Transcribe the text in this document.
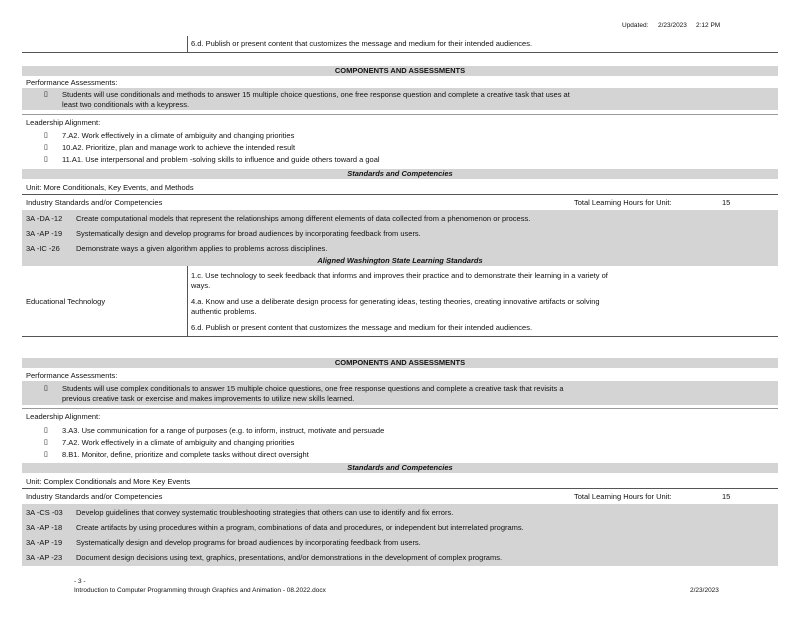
Updated: 2/23/2023 2:12 PM
6.d. Publish or present content that customizes the message and medium for their intended audiences.
COMPONENTS AND ASSESSMENTS
Performance Assessments:
▯ Students will use conditionals and methods to answer 15 multiple choice questions, one free response question and complete a creative task that uses at
least two conditionals with a keypress.
Leadership Alignment:
▯ 7.A2. Work effectively in a climate of ambiguity and changing priorities
▯ 10.A2. Prioritize, plan and manage work to achieve the intended result
▯ 11.A1. Use interpersonal and problem -solving skills to influence and guide others toward a goal
Standards and Competencies
Unit: More Conditionals, Key Events, and Methods
Industry Standards and/or Competencies	Total Learning Hours for Unit:	15
3A -DA -12 Create computational models that represent the relationships among different elements of data collected from a phenomenon or process.
3A -AP -19 Systematically design and develop programs for broad audiences by incorporating feedback from users.
3A -IC -26 Demonstrate ways a given algorithm applies to problems across disciplines.
Aligned Washington State Learning Standards
Educational Technology
1.c. Use technology to seek feedback that informs and improves their practice and to demonstrate their learning in a variety of
ways.
4.a. Know and use a deliberate design process for generating ideas, testing theories, creating innovative artifacts or solving
authentic problems.
6.d. Publish or present content that customizes the message and medium for their intended audiences.
COMPONENTS AND ASSESSMENTS
Performance Assessments:
▯ Students will use complex conditionals to answer 15 multiple choice questions, one free response questions and complete a creative task that revisits a
previous creative task or exercise and makes improvements to utilize new skills learned.
Leadership Alignment:
▯ 3.A3. Use communication for a range of purposes (e.g. to inform, instruct, motivate and persuade
▯ 7.A2. Work effectively in a climate of ambiguity and changing priorities
▯ 8.B1. Monitor, define, prioritize and complete tasks without direct oversight
Standards and Competencies
Unit: Complex Conditionals and More Key Events
Industry Standards and/or Competencies	Total Learning Hours for Unit:	15
3A -CS -03 Develop guidelines that convey systematic troubleshooting strategies that others can use to identify and fix errors.
3A -AP -18 Create artifacts by using procedures within a program, combinations of data and procedures, or independent but interrelated programs.
3A -AP -19 Systematically design and develop programs for broad audiences by incorporating feedback from users.
3A -AP -23 Document design decisions using text, graphics, presentations, and/or demonstrations in the development of complex programs.
- 3 -
Introduction to Computer Programming through Graphics and Animation - 08.2022.docx	2/23/2023
